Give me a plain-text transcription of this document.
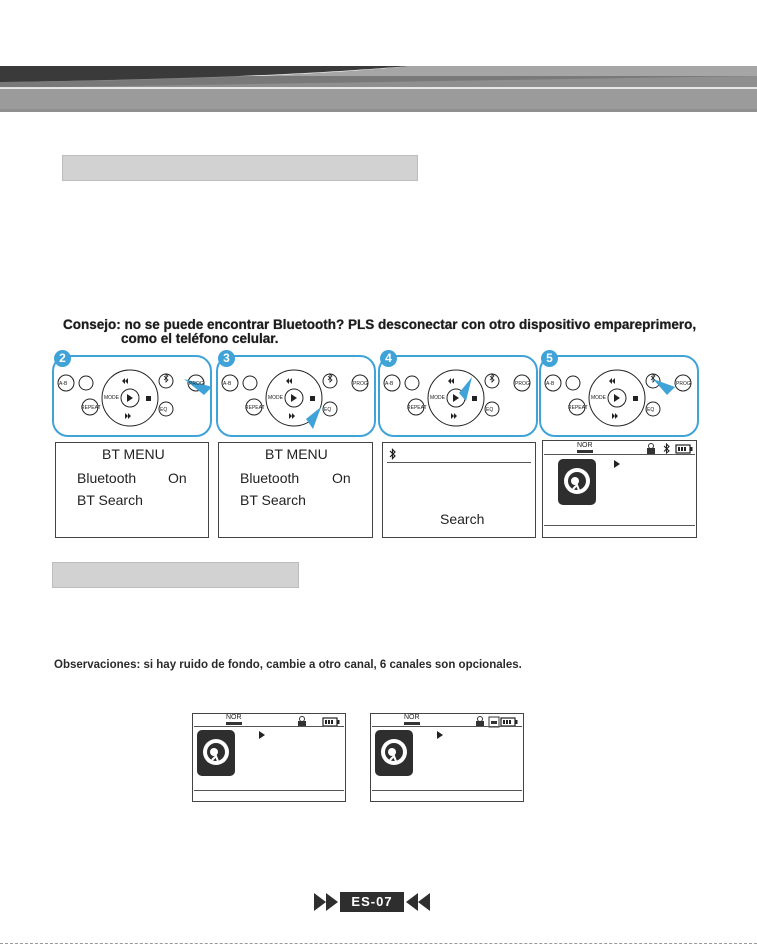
Consejo: no se puede encontrar Bluetooth? PLS desconectar con otro dispositivo empareprimero,
como el teléfono celular.
A-B	PROG
MODE
REPEAT	EQ
2
A-B	PROG
MODE
REPEAT	EQ
3
A-B	PROG
MODE
REPEAT	EQ
4
A-B	PROG
MODE
REPEAT	EQ
5
BT MENU
Bluetooth On
BT Search
BT MENU
Bluetooth On
BT Search
Search
NOR
Observaciones: si hay ruido de fondo, cambie a otro canal, 6 canales son opcionales.
NOR	NOR
ES-07
